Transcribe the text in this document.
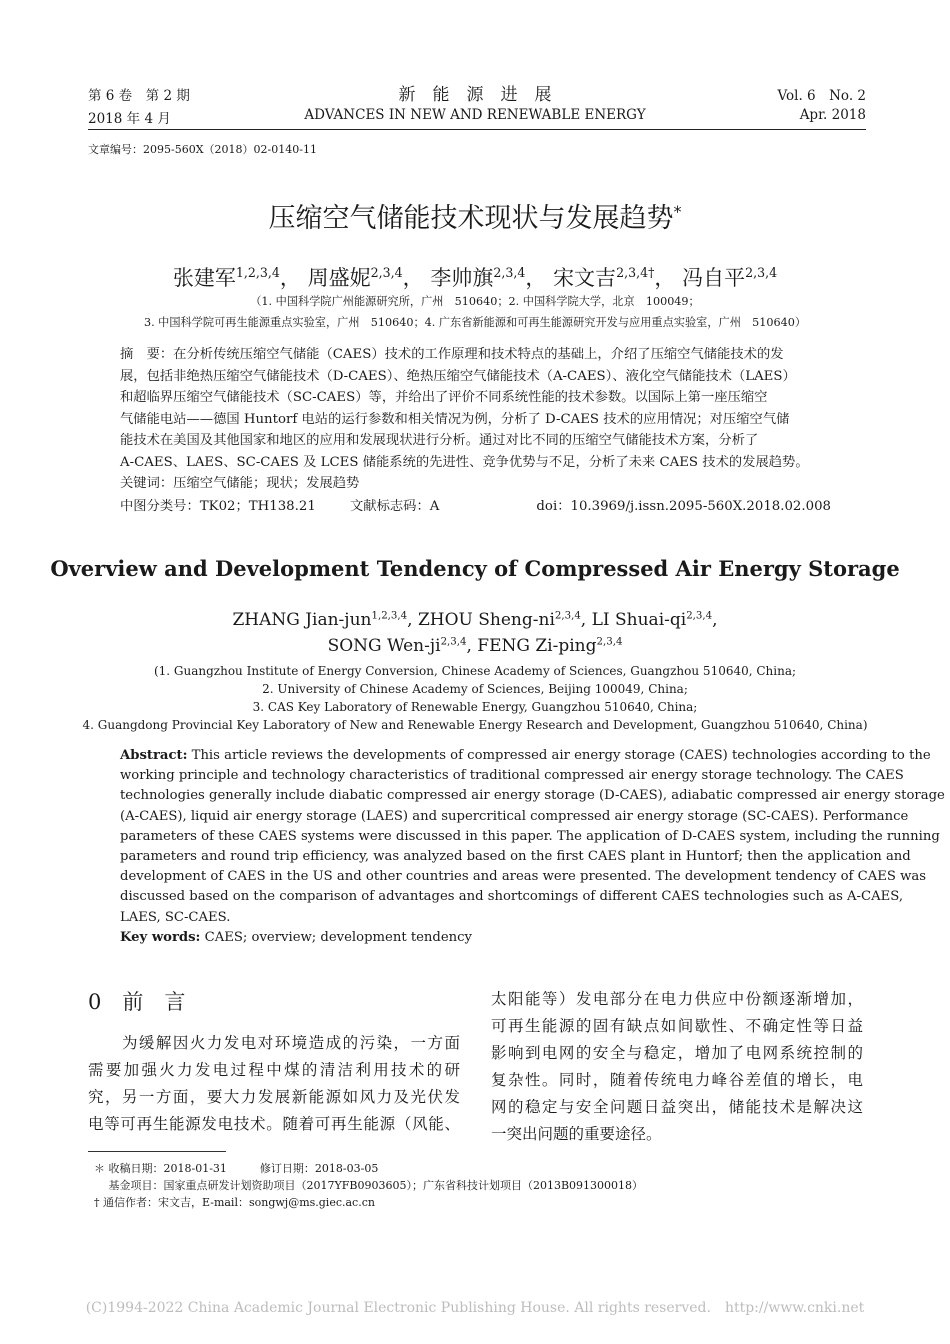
第 6 卷　第 2 期
2018 年 4 月
新　能　源　进　展
ADVANCES IN NEW AND RENEWABLE ENERGY
Vol. 6　No. 2
Apr. 2018
文章编号：2095-560X（2018）02-0140-11
压缩空气储能技术现状与发展趋势*
张建军$^{1,2,3,4}$， 周盛妮$^{2,3,4}$， 李帅旗$^{2,3,4}$， 宋文吉$^{2,3,4\dagger}$， 冯自平$^{2,3,4}$
（1. 中国科学院广州能源研究所，广州　510640；2. 中国科学院大学，北京　100049；
3. 中国科学院可再生能源重点实验室，广州　510640；4. 广东省新能源和可再生能源研究开发与应用重点实验室，广州　510640）
摘　要：在分析传统压缩空气储能（CAES）技术的工作原理和技术特点的基础上，介绍了压缩空气储能技术的发
展，包括非绝热压缩空气储能技术（D-CAES）、绝热压缩空气储能技术（A-CAES）、液化空气储能技术（LAES）
和超临界压缩空气储能技术（SC-CAES）等，并给出了评价不同系统性能的技术参数。以国际上第一座压缩空
气储能电站——德国 Huntorf 电站的运行参数和相关情况为例，分析了 D-CAES 技术的应用情况；对压缩空气储
能技术在美国及其他国家和地区的应用和发展现状进行分析。通过对比不同的压缩空气储能技术方案，分析了
A-CAES、LAES、SC-CAES 及 LCES 储能系统的先进性、竞争优势与不足，分析了未来 CAES 技术的发展趋势。
关键词：压缩空气储能；现状；发展趋势
中图分类号：TK02；TH138.21	文献标志码：A	doi：10.3969/j.issn.2095-560X.2018.02.008
Overview and Development Tendency of Compressed Air Energy Storage
ZHANG Jian-jun$^{1,2,3,4}$, ZHOU Sheng-ni$^{2,3,4}$, LI Shuai-qi$^{2,3,4}$,
SONG Wen-ji$^{2,3,4}$, FENG Zi-ping$^{2,3,4}$
(1. Guangzhou Institute of Energy Conversion, Chinese Academy of Sciences, Guangzhou 510640, China;
2. University of Chinese Academy of Sciences, Beijing 100049, China;
3. CAS Key Laboratory of Renewable Energy, Guangzhou 510640, China;
4. Guangdong Provincial Key Laboratory of New and Renewable Energy Research and Development, Guangzhou 510640, China)
Abstract: This article reviews the developments of compressed air energy storage (CAES) technologies according to the
working principle and technology characteristics of traditional compressed air energy storage technology. The CAES
technologies generally include diabatic compressed air energy storage (D-CAES), adiabatic compressed air energy storage
(A-CAES), liquid air energy storage (LAES) and supercritical compressed air energy storage (SC-CAES). Performance
parameters of these CAES systems were discussed in this paper. The application of D-CAES system, including the running
parameters and round trip efficiency, was analyzed based on the first CAES plant in Huntorf; then the application and
development of CAES in the US and other countries and areas were presented. The development tendency of CAES was
discussed based on the comparison of advantages and shortcomings of different CAES technologies such as A-CAES,
LAES, SC-CAES.
Key words: CAES; overview; development tendency
0　前　言
　　为缓解因火力发电对环境造成的污染，一方面
需要加强火力发电过程中煤的清洁利用技术的研
究，另一方面，要大力发展新能源如风力及光伏发
电等可再生能源发电技术。随着可再生能源（风能、
太阳能等）发电部分在电力供应中份额逐渐增加，
可再生能源的固有缺点如间歇性、不确定性等日益
影响到电网的安全与稳定，增加了电网系统控制的
复杂性。同时，随着传统电力峰谷差值的增长，电
网的稳定与安全问题日益突出，储能技术是解决这
一突出问题的重要途径。
＊ 收稿日期：2018-01-31　　　修订日期：2018-03-05
　 基金项目：国家重点研发计划资助项目（2017YFB0903605）；广东省科技计划项目（2013B091300018）
† 通信作者：宋文吉，E-mail：songwj@ms.giec.ac.cn
(C)1994-2022 China Academic Journal Electronic Publishing House. All rights reserved.　http://www.cnki.net
